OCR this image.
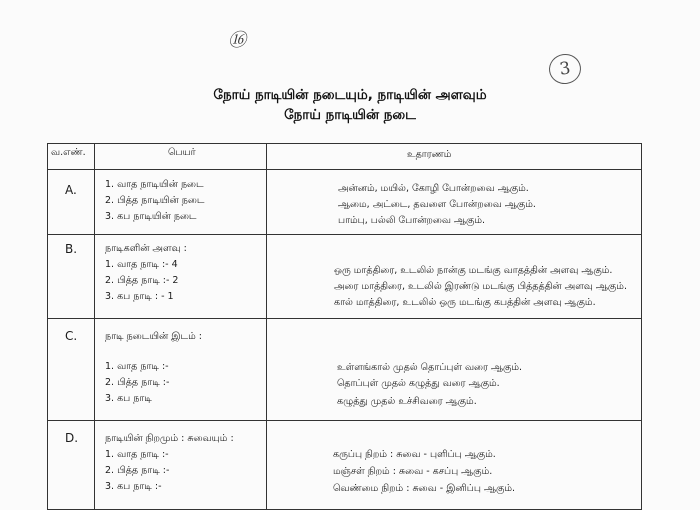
⑯
3
நோய் நாடியின் நடையும், நாடியின் அளவும்
நோய் நாடியின் நடை
வ.எண்.	பெயர்	உதாரணம்

A.	1. வாத நாடியின் நடை
2. பித்த நாடியின் நடை
3. கப நாடியின் நடை	அன்னம், மயில், கோழி போன்றவை ஆகும்.
ஆமை, அட்டை, தவளை போன்றவை ஆகும்.
பாம்பு, பல்லி போன்றவை ஆகும்.

B.	நாடிகளின் அளவு :
1. வாத நாடி :- 4
2. பித்த நாடி :- 2
3. கப நாடி : - 1	ஒரு மாத்திரை, உடலில் நான்கு மடங்கு வாதத்தின் அளவு ஆகும்.
அரை மாத்திரை, உடலில் இரண்டு மடங்கு பித்தத்தின் அளவு ஆகும்.
கால் மாத்திரை, உடலில் ஒரு மடங்கு கபத்தின் அளவு ஆகும்.

C.	நாடி நடையின் இடம் :
1. வாத நாடி :-
2. பித்த நாடி :-
3. கப நாடி	உள்ளங்கால் முதல் தொப்புள் வரை ஆகும்.
தொப்புள் முதல் கழுத்து வரை ஆகும்.
கழுத்து முதல் உச்சிவரை ஆகும்.

D.	நாடியின் நிறமும் : சுவையும் :
1. வாத நாடி :-
2. பித்த நாடி :-
3. கப நாடி :-	கருப்பு நிறம் : சுவை - புளிப்பு ஆகும்.
மஞ்சள் நிறம் : சுவை - கசப்பு ஆகும்.
வெண்மை நிறம் : சுவை - இனிப்பு ஆகும்.
